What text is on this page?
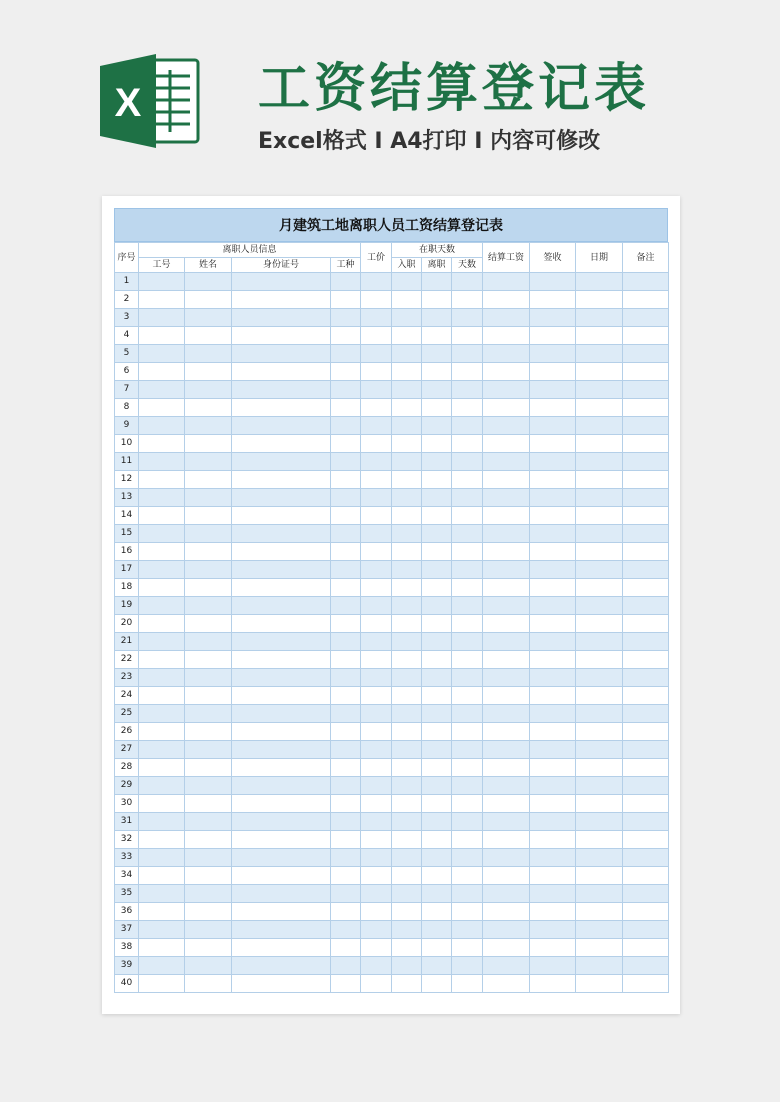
X 工资结算登记表
Excel格式 I A4打印 I 内容可修改
月建筑工地离职人员工资结算登记表
序号	离职人员信息				工价	在职天数			结算工资	签收	日期	备注
	工号	姓名	身份证号	工种		入职	离职	天数				
1												
2												
3												
4												
5												
6												
7												
8												
9												
10												
11												
12												
13												
14												
15												
16												
17												
18												
19												
20												
21												
22												
23												
24												
25												
26												
27												
28												
29												
30												
31												
32												
33												
34												
35												
36												
37												
38												
39												
40												
